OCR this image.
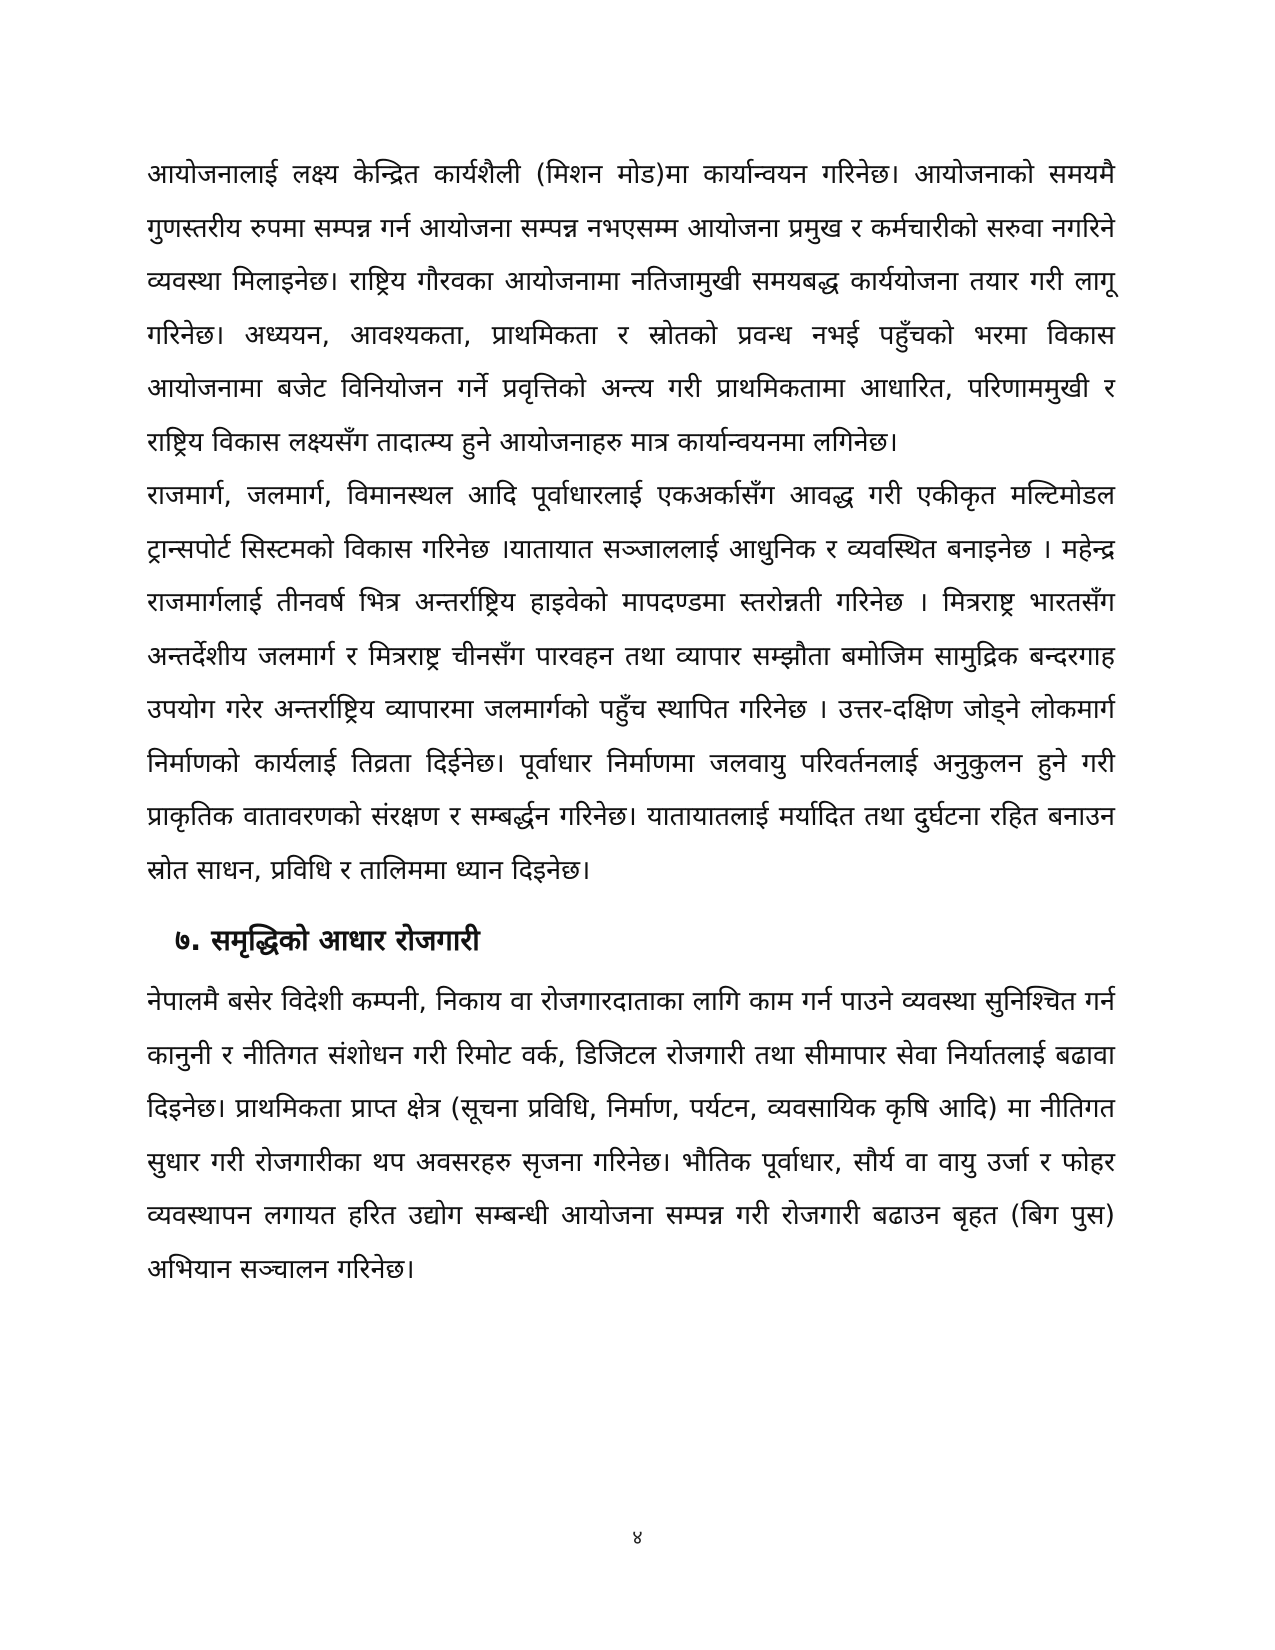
आयोजनालाई लक्ष्य केन्द्रित कार्यशैली (मिशन मोड)मा कार्यान्वयन गरिनेछ। आयोजनाको समयमै गुणस्तरीय रुपमा सम्पन्न गर्न आयोजना सम्पन्न नभएसम्म आयोजना प्रमुख र कर्मचारीको सरुवा नगरिने व्यवस्था मिलाइनेछ। राष्ट्रिय गौरवका आयोजनामा नतिजामुखी समयबद्ध कार्ययोजना तयार गरी लागू गरिनेछ। अध्ययन, आवश्यकता, प्राथमिकता र स्रोतको प्रवन्ध नभई पहुँचको भरमा विकास आयोजनामा बजेट विनियोजन गर्ने प्रवृत्तिको अन्त्य गरी प्राथमिकतामा आधारित, परिणाममुखी र राष्ट्रिय विकास लक्ष्यसँग तादात्म्य हुने आयोजनाहरु मात्र कार्यान्वयनमा लगिनेछ।

राजमार्ग, जलमार्ग, विमानस्थल आदि पूर्वाधारलाई एकअर्कासँग आवद्ध गरी एकीकृत मल्टिमोडल ट्रान्सपोर्ट सिस्टमको विकास गरिनेछ ।यातायात सञ्जाललाई आधुनिक र व्यवस्थित बनाइनेछ । महेन्द्र राजमार्गलाई तीनवर्ष भित्र अन्तर्राष्ट्रिय हाइवेको मापदण्डमा स्तरोन्नती गरिनेछ । मित्रराष्ट्र भारतसँग अन्तर्देशीय जलमार्ग र मित्रराष्ट्र चीनसँग पारवहन तथा व्यापार सम्झौता बमोजिम सामुद्रिक बन्दरगाह उपयोग गरेर अन्तर्राष्ट्रिय व्यापारमा जलमार्गको पहुँच स्थापित गरिनेछ । उत्तर-दक्षिण जोड्ने लोकमार्ग निर्माणको कार्यलाई तिव्रता दिईनेछ। पूर्वाधार निर्माणमा जलवायु परिवर्तनलाई अनुकुलन हुने गरी प्राकृतिक वातावरणको संरक्षण र सम्बर्द्धन गरिनेछ। यातायातलाई मर्यादित तथा दुर्घटना रहित बनाउन स्रोत साधन, प्रविधि र तालिममा ध्यान दिइनेछ।

७. समृद्धिको आधार रोजगारी

नेपालमै बसेर विदेशी कम्पनी, निकाय वा रोजगारदाताका लागि काम गर्न पाउने व्यवस्था सुनिश्चित गर्न कानुनी र नीतिगत संशोधन गरी रिमोट वर्क, डिजिटल रोजगारी तथा सीमापार सेवा निर्यातलाई बढावा दिइनेछ। प्राथमिकता प्राप्त क्षेत्र (सूचना प्रविधि, निर्माण, पर्यटन, व्यवसायिक कृषि आदि) मा नीतिगत सुधार गरी रोजगारीका थप अवसरहरु सृजना गरिनेछ। भौतिक पूर्वाधार, सौर्य वा वायु उर्जा र फोहर व्यवस्थापन लगायत हरित उद्योग सम्बन्धी आयोजना सम्पन्न गरी रोजगारी बढाउन बृहत (बिग पुस) अभियान सञ्चालन गरिनेछ।

४
